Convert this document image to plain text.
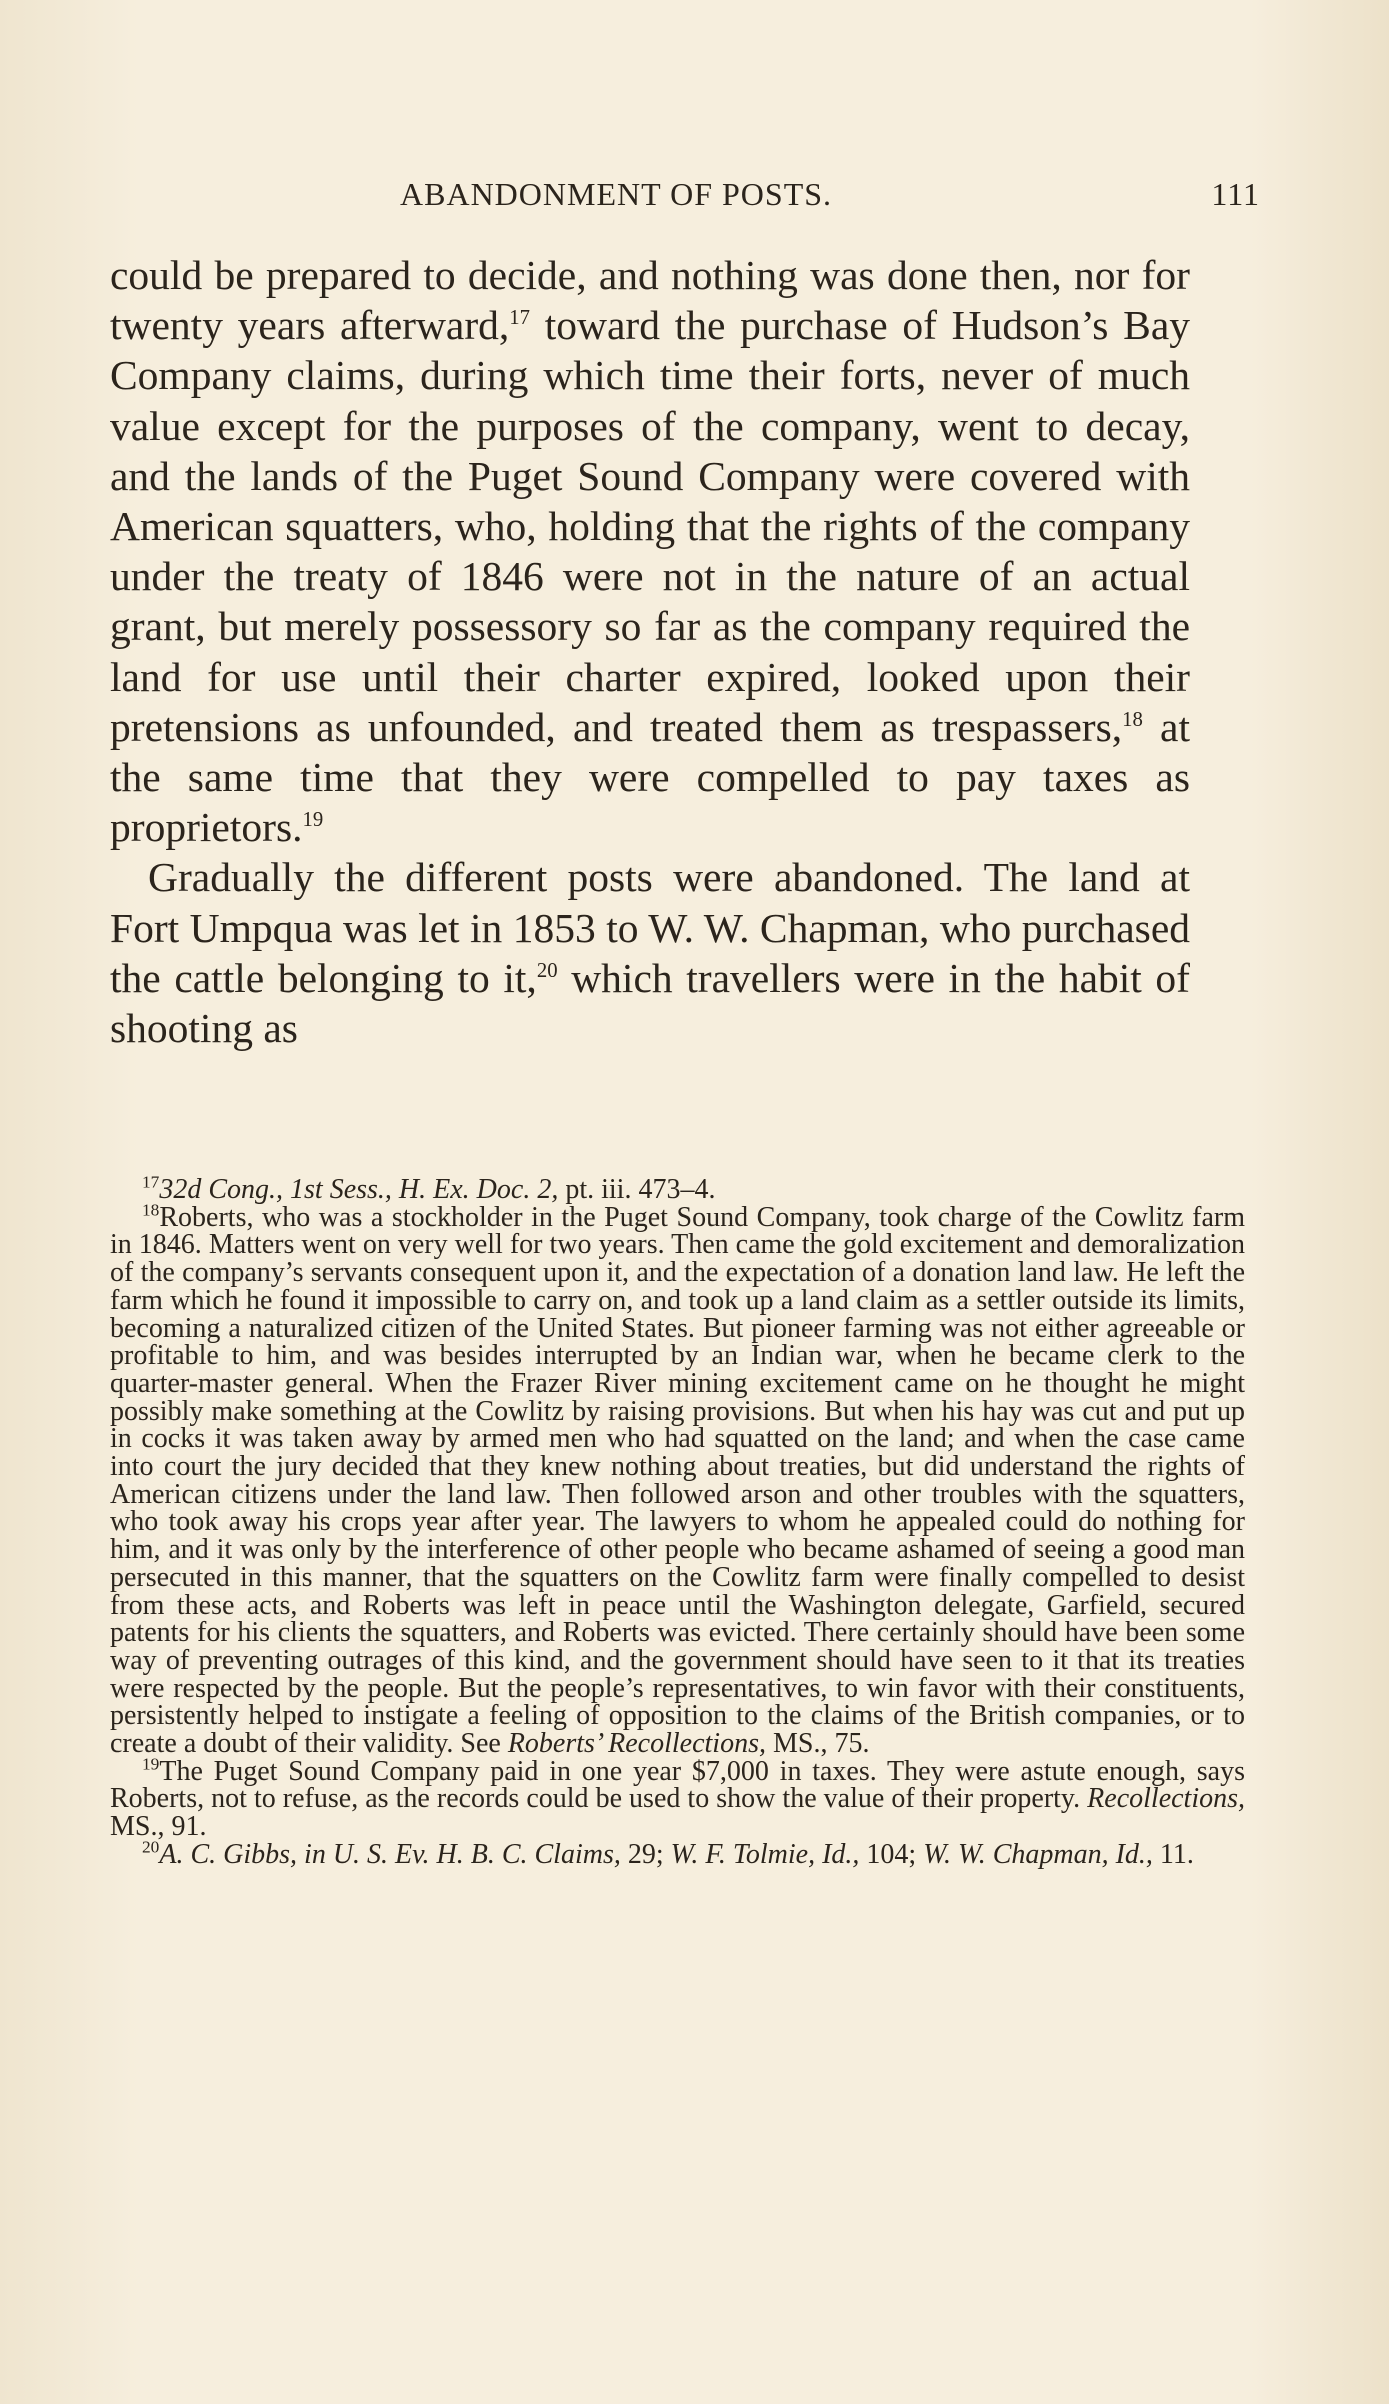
ABANDONMENT OF POSTS.	111

could be prepared to decide, and nothing was done then, nor for twenty years afterward,$^{17}$ toward the purchase of Hudson’s Bay Company claims, during which time their forts, never of much value except for the purposes of the company, went to decay, and the lands of the Puget Sound Company were covered with American squatters, who, holding that the rights of the company under the treaty of 1846 were not in the nature of an actual grant, but merely possessory so far as the company required the land for use until their charter expired, looked upon their pretensions as unfounded, and treated them as trespassers,$^{18}$ at the same time that they were compelled to pay taxes as proprietors.$^{19}$

Gradually the different posts were abandoned. The land at Fort Umpqua was let in 1853 to W. W. Chapman, who purchased the cattle belonging to it,$^{20}$ which travellers were in the habit of shooting as

$^{17}$32d Cong., 1st Sess., H. Ex. Doc. 2, pt. iii. 473–4.

$^{18}$Roberts, who was a stockholder in the Puget Sound Company, took charge of the Cowlitz farm in 1846. Matters went on very well for two years. Then came the gold excitement and demoralization of the company’s servants consequent upon it, and the expectation of a donation land law. He left the farm which he found it impossible to carry on, and took up a land claim as a settler outside its limits, becoming a naturalized citizen of the United States. But pioneer farming was not either agreeable or profitable to him, and was besides interrupted by an Indian war, when he became clerk to the quarter-master general. When the Frazer River mining excitement came on he thought he might possibly make something at the Cowlitz by raising provisions. But when his hay was cut and put up in cocks it was taken away by armed men who had squatted on the land; and when the case came into court the jury decided that they knew nothing about treaties, but did understand the rights of American citizens under the land law. Then followed arson and other troubles with the squatters, who took away his crops year after year. The lawyers to whom he appealed could do nothing for him, and it was only by the interference of other people who became ashamed of seeing a good man persecuted in this manner, that the squatters on the Cowlitz farm were finally compelled to desist from these acts, and Roberts was left in peace until the Washington delegate, Garfield, secured patents for his clients the squatters, and Roberts was evicted. There certainly should have been some way of preventing outrages of this kind, and the government should have seen to it that its treaties were respected by the people. But the people’s representatives, to win favor with their constituents, persistently helped to instigate a feeling of opposition to the claims of the British companies, or to create a doubt of their validity. See Roberts’ Recollections, MS., 75.

$^{19}$The Puget Sound Company paid in one year $7,000 in taxes. They were astute enough, says Roberts, not to refuse, as the records could be used to show the value of their property. Recollections, MS., 91.

$^{20}$A. C. Gibbs, in U. S. Ev. H. B. C. Claims, 29; W. F. Tolmie, Id., 104; W. W. Chapman, Id., 11.
